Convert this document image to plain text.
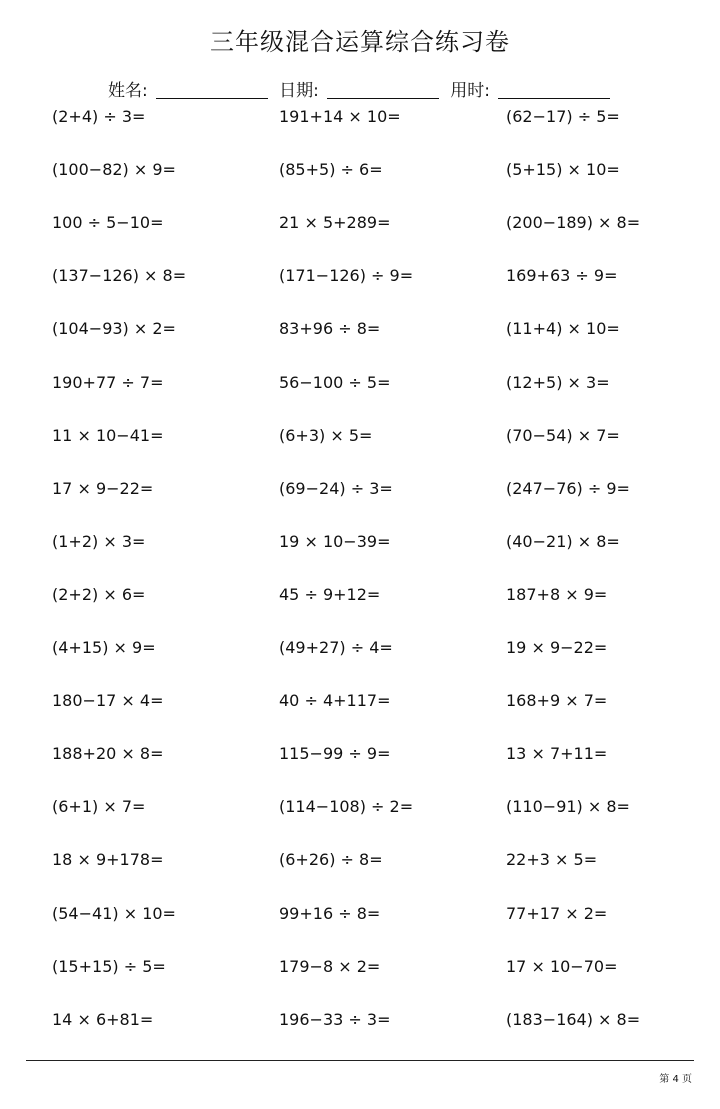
三年级混合运算综合练习卷
姓名:	日期:	用时:
(2+4) ÷ 3=	191+14 × 10=	(62−17) ÷ 5=
(100−82) × 9=	(85+5) ÷ 6=	(5+15) × 10=
100 ÷ 5−10=	21 × 5+289=	(200−189) × 8=
(137−126) × 8=	(171−126) ÷ 9=	169+63 ÷ 9=
(104−93) × 2=	83+96 ÷ 8=	(11+4) × 10=
190+77 ÷ 7=	56−100 ÷ 5=	(12+5) × 3=
11 × 10−41=	(6+3) × 5=	(70−54) × 7=
17 × 9−22=	(69−24) ÷ 3=	(247−76) ÷ 9=
(1+2) × 3=	19 × 10−39=	(40−21) × 8=
(2+2) × 6=	45 ÷ 9+12=	187+8 × 9=
(4+15) × 9=	(49+27) ÷ 4=	19 × 9−22=
180−17 × 4=	40 ÷ 4+117=	168+9 × 7=
188+20 × 8=	115−99 ÷ 9=	13 × 7+11=
(6+1) × 7=	(114−108) ÷ 2=	(110−91) × 8=
18 × 9+178=	(6+26) ÷ 8=	22+3 × 5=
(54−41) × 10=	99+16 ÷ 8=	77+17 × 2=
(15+15) ÷ 5=	179−8 × 2=	17 × 10−70=
14 × 6+81=	196−33 ÷ 3=	(183−164) × 8=
第 4 页
